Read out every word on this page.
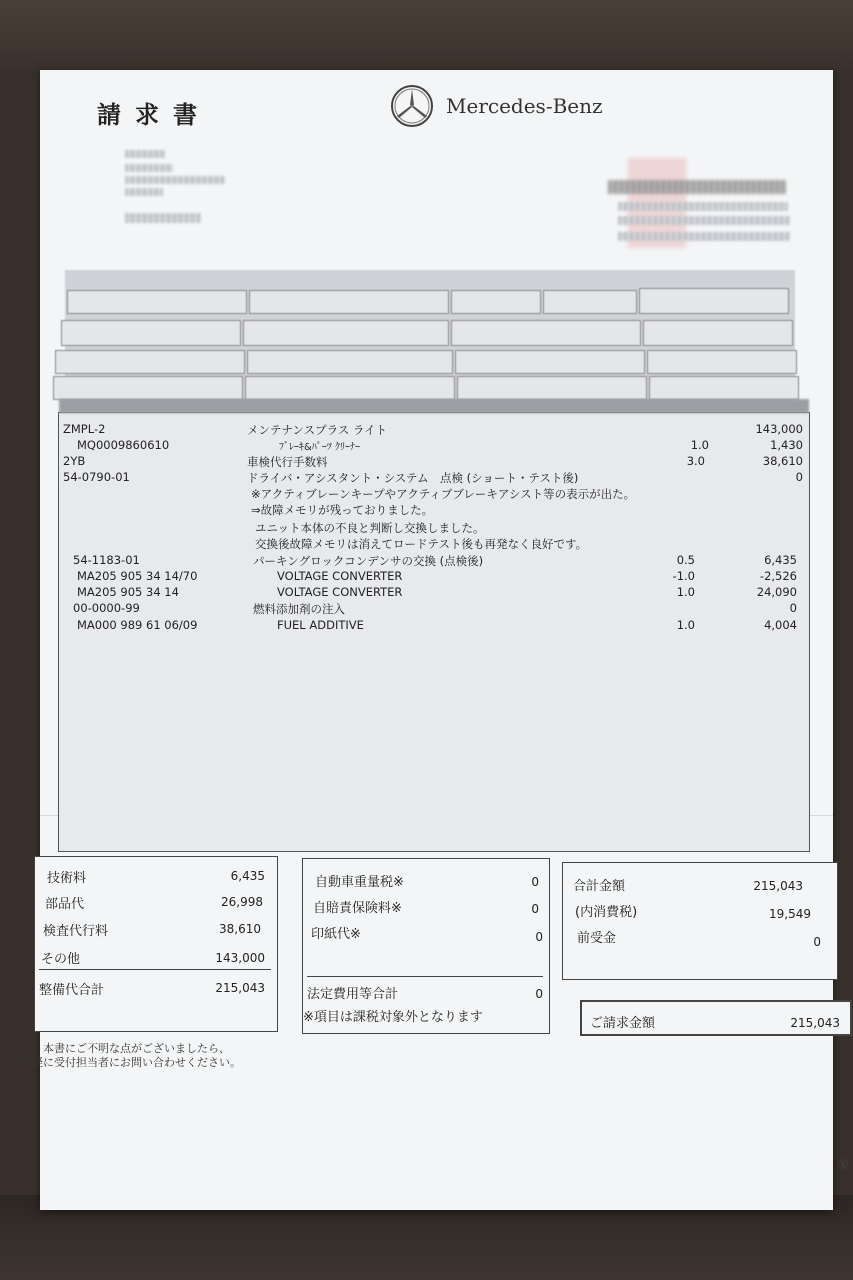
請求書	Mercedes-Benz
ZMPL-2	メンテナンスプラス ライト	143,000
MQ0009860610	ﾌﾞﾚｰｷ&ﾊﾟｰﾂ ｸﾘｰﾅｰ	1.0	1,430
2YB	車検代行手数料	3.0	38,610
54-0790-01	ドライバ・アシスタント・システム　点検 (ショート・テスト後)	0
※アクティブレーンキープやアクティブブレーキアシスト等の表示が出た。
⇒故障メモリが残っておりました。
ユニット本体の不良と判断し交換しました。
交換後故障メモリは消えてロードテスト後も再発なく良好です。
54-1183-01	パーキングロックコンデンサの交換 (点検後)	0.5	6,435
MA205 905 34 14/70	VOLTAGE CONVERTER	-1.0	-2,526
MA205 905 34 14	VOLTAGE CONVERTER	1.0	24,090
00-0000-99	燃料添加剤の注入	0
MA000 989 61 06/09	FUEL ADDITIVE	1.0	4,004
技術料	6,435
部品代	26,998
検査代行料	38,610
その他	143,000
整備代合計	215,043
自動車重量税※	0
自賠責保険料※	0
印紙代※	0
法定費用等合計	0
※項目は課税対象外となります
合計金額	215,043
(内消費税)	19,549
前受金	0
ご請求金額	215,043
万一、本書にご不明な点がございましたら、
お気軽に受付担当者にお問い合わせください。
①
